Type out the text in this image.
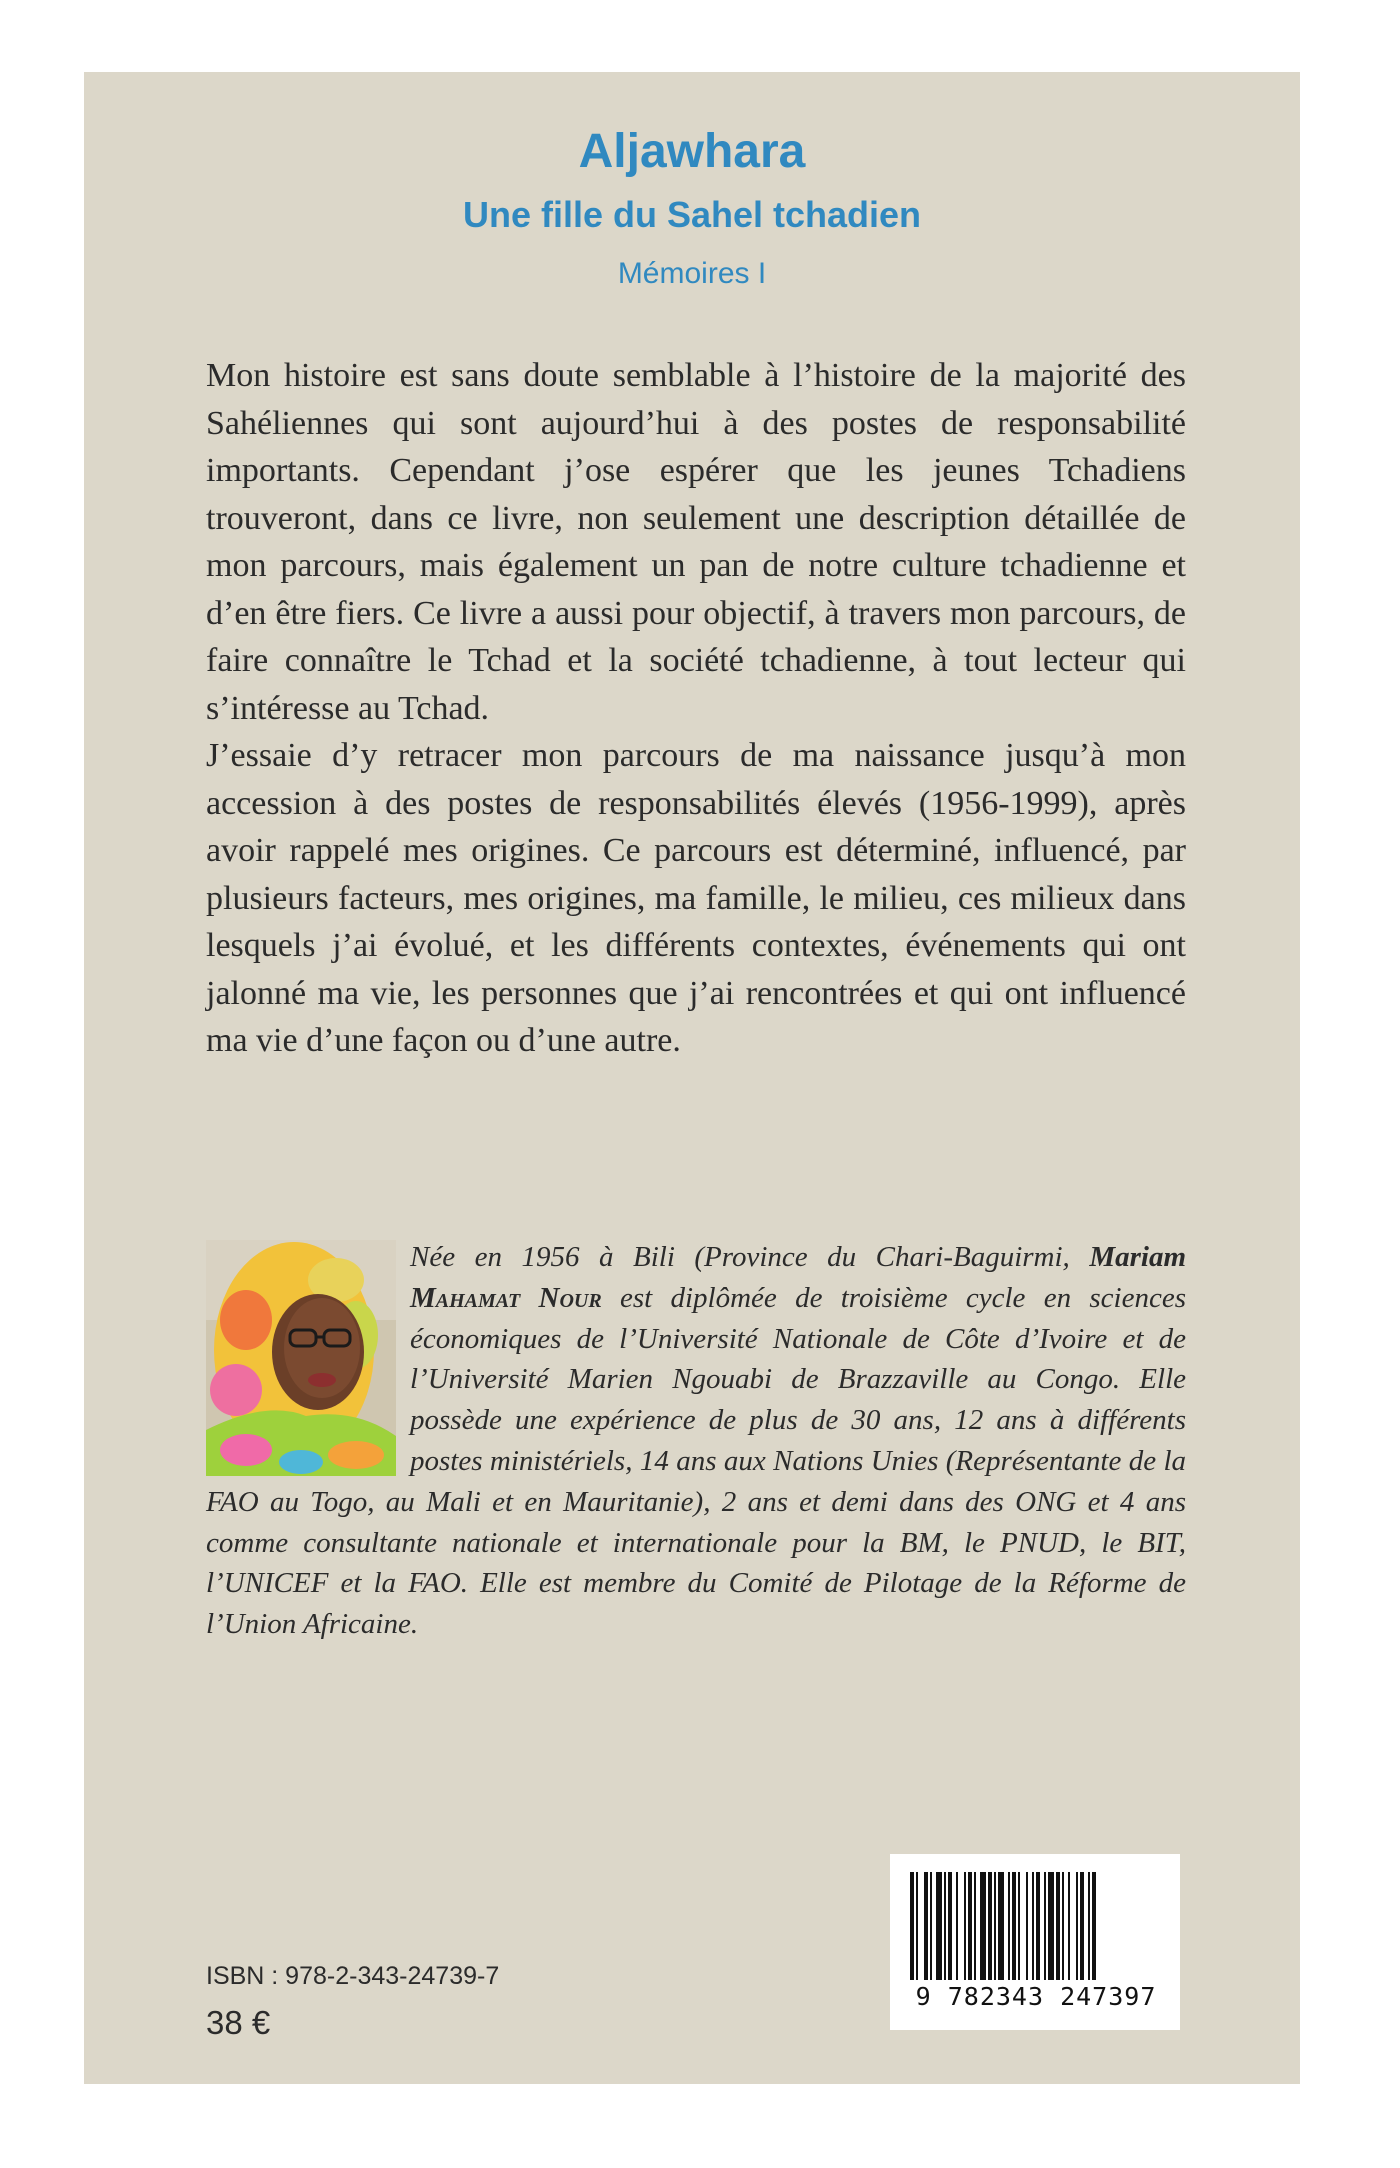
Aljawhara
Une fille du Sahel tchadien
Mémoires I

Mon histoire est sans doute semblable à l’histoire de la majorité des Sahéliennes qui sont aujourd’hui à des postes de responsabilité importants. Cependant j’ose espérer que les jeunes Tchadiens trouveront, dans ce livre, non seulement une description détaillée de mon parcours, mais également un pan de notre culture tchadienne et d’en être fiers. Ce livre a aussi pour objectif, à travers mon parcours, de faire connaître le Tchad et la société tchadienne, à tout lecteur qui s’intéresse au Tchad.

J’essaie d’y retracer mon parcours de ma naissance jusqu’à mon accession à des postes de responsabilités élevés (1956-1999), après avoir rappelé mes origines. Ce parcours est déterminé, influencé, par plusieurs facteurs, mes origines, ma famille, le milieu, ces milieux dans lesquels j’ai évolué, et les différents contextes, événements qui ont jalonné ma vie, les personnes que j’ai rencontrées et qui ont influencé ma vie d’une façon ou d’une autre.

Née en 1956 à Bili (Province du Chari-Baguirmi, Mariam Mahamat Nour est diplômée de troisième cycle en sciences économiques de l’Université Nationale de Côte d’Ivoire et de l’Université Marien Ngouabi de Brazzaville au Congo. Elle possède une expérience de plus de 30 ans, 12 ans à différents postes ministériels, 14 ans aux Nations Unies (Représentante de la FAO au Togo, au Mali et en Mauritanie), 2 ans et demi dans des ONG et 4 ans comme consultante nationale et internationale pour la BM, le PNUD, le BIT, l’UNICEF et la FAO. Elle est membre du Comité de Pilotage de la Réforme de l’Union Africaine.

9 782343 247397
ISBN : 978-2-343-24739-7
38 €
